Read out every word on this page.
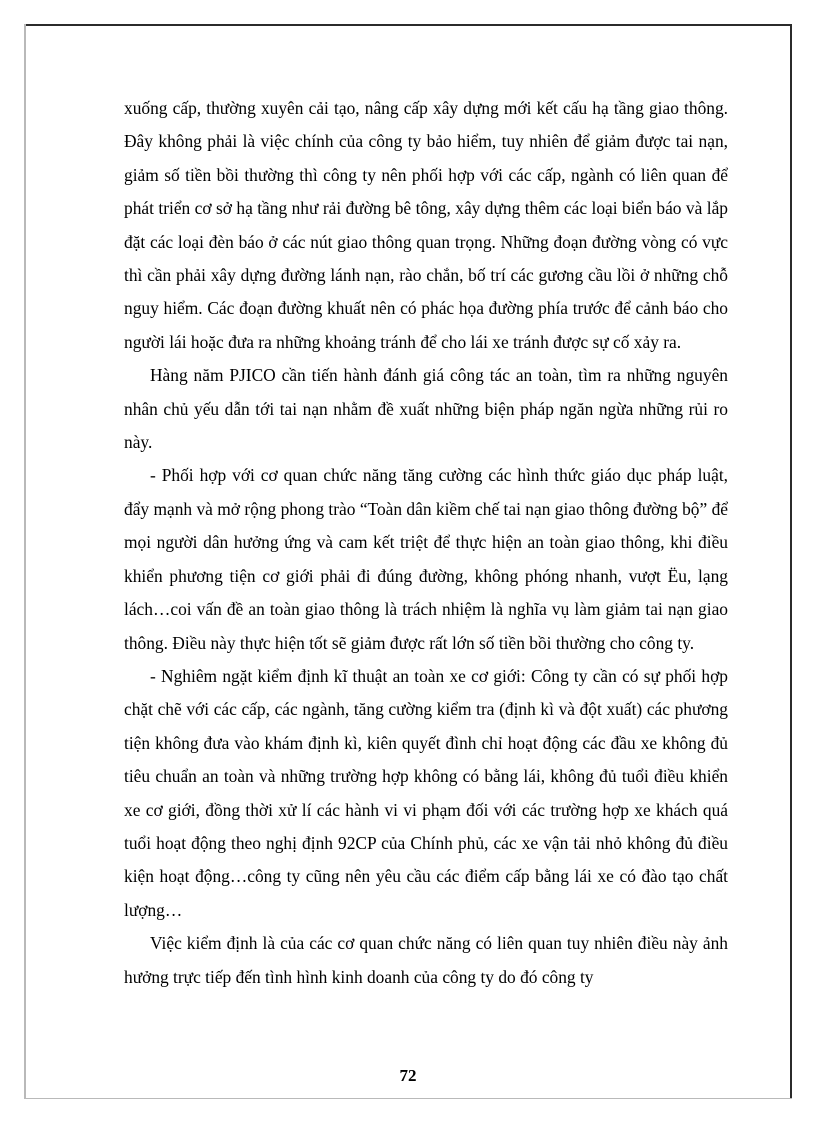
xuống cấp, thường xuyên cải tạo, nâng cấp xây dựng mới kết cấu hạ tầng giao thông. Đây không phải là việc chính của công ty bảo hiểm, tuy nhiên để giảm được tai nạn, giảm số tiền bồi thường thì công ty nên phối hợp với các cấp, ngành có liên quan để phát triển cơ sở hạ tầng như rải đường bê tông, xây dựng thêm các loại biển báo và lắp đặt các loại đèn báo ở các nút giao thông quan trọng. Những đoạn đường vòng có vực thì cần phải xây dựng đường lánh nạn, rào chắn, bố trí các gương cầu lồi ở những chỗ nguy hiểm. Các đoạn đường khuất nên có phác họa đường phía trước để cảnh báo cho người lái hoặc đưa ra những khoảng tránh để cho lái xe tránh được sự cố xảy ra.

Hàng năm PJICO cần tiến hành đánh giá công tác an toàn, tìm ra những nguyên nhân chủ yếu dẫn tới tai nạn nhằm đề xuất những biện pháp ngăn ngừa những rủi ro này.

- Phối hợp với cơ quan chức năng tăng cường các hình thức giáo dục pháp luật, đẩy mạnh và mở rộng phong trào “Toàn dân kiềm chế tai nạn giao thông đường bộ” để mọi người dân hưởng ứng và cam kết triệt để thực hiện an toàn giao thông, khi điều khiển phương tiện cơ giới phải đi đúng đường, không phóng nhanh, vượt Ëu, lạng lách…coi vấn đề an toàn giao thông là trách nhiệm là nghĩa vụ làm giảm tai nạn giao thông. Điều này thực hiện tốt sẽ giảm được rất lớn số tiền bồi thường cho công ty.

- Nghiêm ngặt kiểm định kĩ thuật an toàn xe cơ giới: Công ty cần có sự phối hợp chặt chẽ với các cấp, các ngành, tăng cường kiểm tra (định kì và đột xuất) các phương tiện không đưa vào khám định kì, kiên quyết đình chỉ hoạt động các đầu xe không đủ tiêu chuẩn an toàn và những trường hợp không có bằng lái, không đủ tuổi điều khiển xe cơ giới, đồng thời xử lí các hành vi vi phạm đối với các trường hợp xe khách quá tuổi hoạt động theo nghị định 92CP của Chính phủ, các xe vận tải nhỏ không đủ điều kiện hoạt động…công ty cũng nên yêu cầu các điểm cấp bằng lái xe có đào tạo chất lượng…

Việc kiểm định là của các cơ quan chức năng có liên quan tuy nhiên điều này ảnh hưởng trực tiếp đến tình hình kinh doanh của công ty do đó công ty

72
